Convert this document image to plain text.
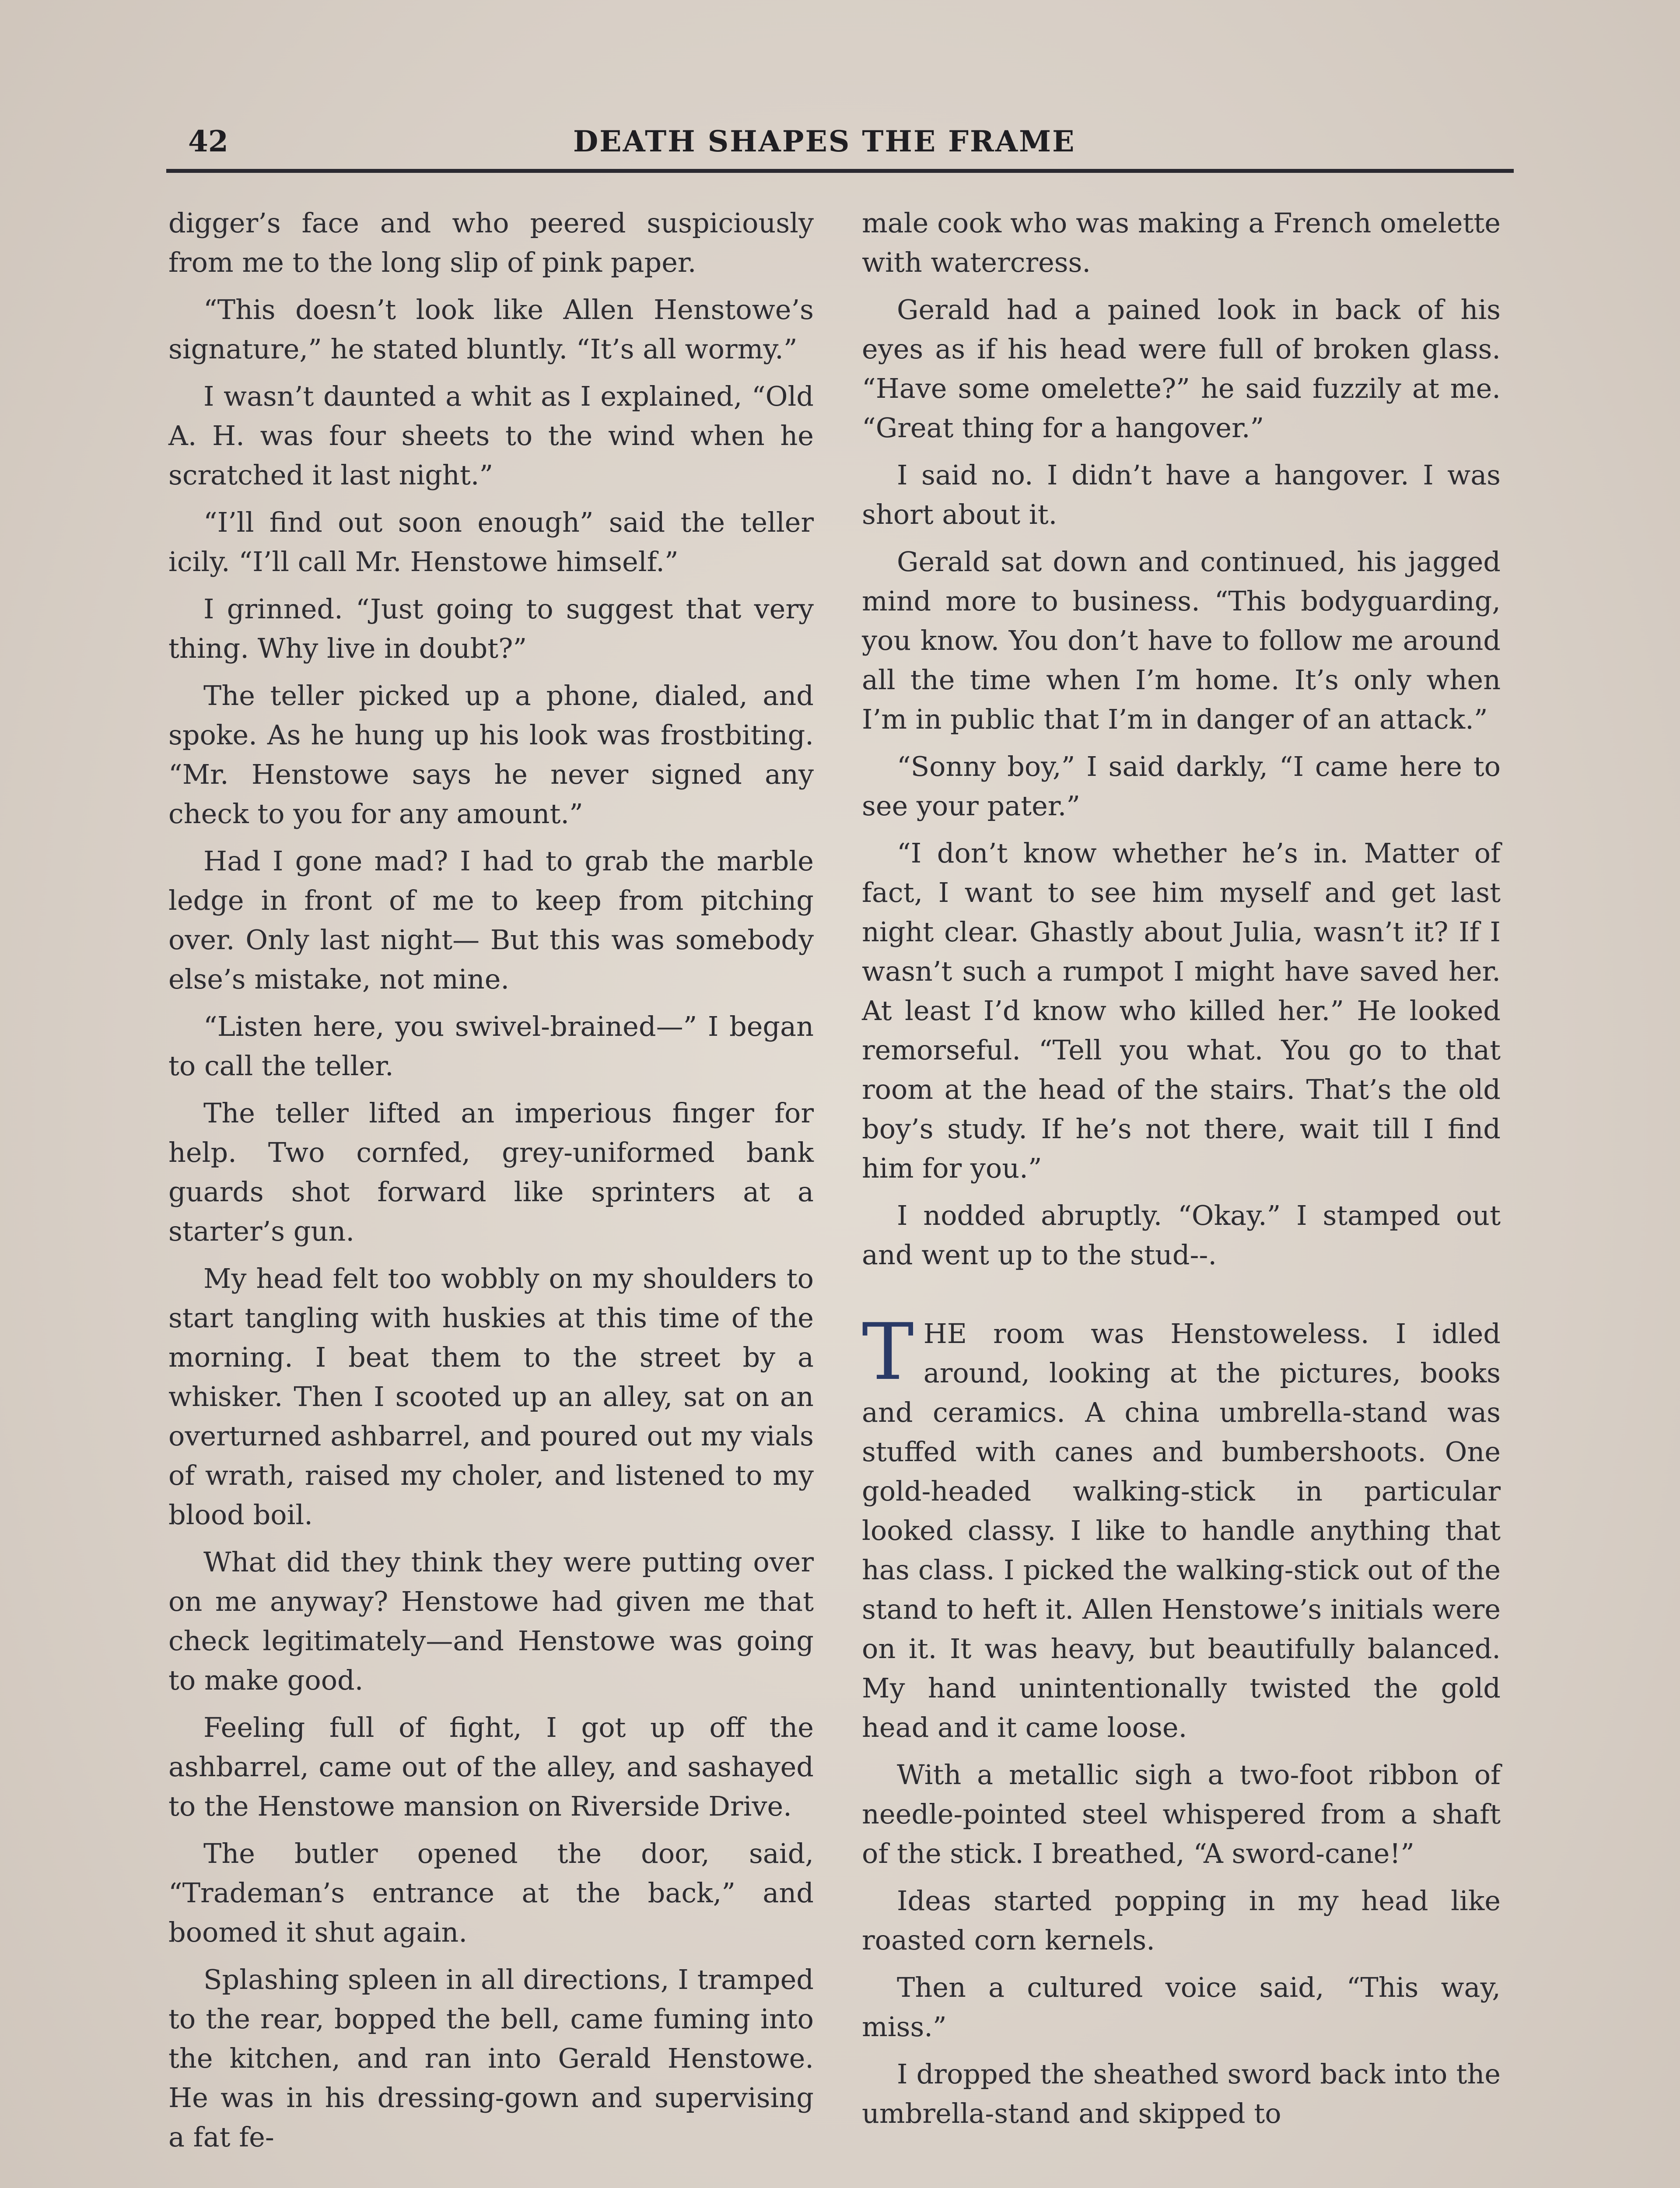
42	DEATH SHAPES THE FRAME

digger’s face and who peered suspiciously from me to the long slip of pink paper.

“This doesn’t look like Allen Henstowe’s signature,” he stated bluntly. “It’s all wormy.”

I wasn’t daunted a whit as I explained, “Old A. H. was four sheets to the wind when he scratched it last night.”

“I’ll find out soon enough” said the teller icily. “I’ll call Mr. Henstowe himself.”

I grinned. “Just going to suggest that very thing. Why live in doubt?”

The teller picked up a phone, dialed, and spoke. As he hung up his look was frostbiting. “Mr. Henstowe says he never signed any check to you for any amount.”

Had I gone mad? I had to grab the marble ledge in front of me to keep from pitching over. Only last night— But this was somebody else’s mistake, not mine.

“Listen here, you swivel-brained—” I began to call the teller.

The teller lifted an imperious finger for help. Two cornfed, grey-uniformed bank guards shot forward like sprinters at a starter’s gun.

My head felt too wobbly on my shoulders to start tangling with huskies at this time of the morning. I beat them to the street by a whisker. Then I scooted up an alley, sat on an overturned ashbarrel, and poured out my vials of wrath, raised my choler, and listened to my blood boil.

What did they think they were putting over on me anyway? Henstowe had given me that check legitimately—and Henstowe was going to make good.

Feeling full of fight, I got up off the ashbarrel, came out of the alley, and sashayed to the Henstowe mansion on Riverside Drive.

The butler opened the door, said, “Trademan’s entrance at the back,” and boomed it shut again.

Splashing spleen in all directions, I tramped to the rear, bopped the bell, came fuming into the kitchen, and ran into Gerald Henstowe. He was in his dressing-gown and supervising a fat fe-

male cook who was making a French omelette with watercress.

Gerald had a pained look in back of his eyes as if his head were full of broken glass. “Have some omelette?” he said fuzzily at me. “Great thing for a hangover.”

I said no. I didn’t have a hangover. I was short about it.

Gerald sat down and continued, his jagged mind more to business. “This bodyguarding, you know. You don’t have to follow me around all the time when I’m home. It’s only when I’m in public that I’m in danger of an attack.”

“Sonny boy,” I said darkly, “I came here to see your pater.”

“I don’t know whether he’s in. Matter of fact, I want to see him myself and get last night clear. Ghastly about Julia, wasn’t it? If I wasn’t such a rumpot I might have saved her. At least I’d know who killed her.” He looked remorseful. “Tell you what. You go to that room at the head of the stairs. That’s the old boy’s study. If he’s not there, wait till I find him for you.”

I nodded abruptly. “Okay.” I stamped out and went up to the stud--.

THE room was Henstoweless. I idled around, looking at the pictures, books and ceramics. A china umbrella-stand was stuffed with canes and bumbershoots. One gold-headed walking-stick in particular looked classy. I like to handle anything that has class. I picked the walking-stick out of the stand to heft it. Allen Henstowe’s initials were on it. It was heavy, but beautifully balanced. My hand unintentionally twisted the gold head and it came loose.

With a metallic sigh a two-foot ribbon of needle-pointed steel whispered from a shaft of the stick. I breathed, “A sword-cane!”

Ideas started popping in my head like roasted corn kernels.

Then a cultured voice said, “This way, miss.”

I dropped the sheathed sword back into the umbrella-stand and skipped to
